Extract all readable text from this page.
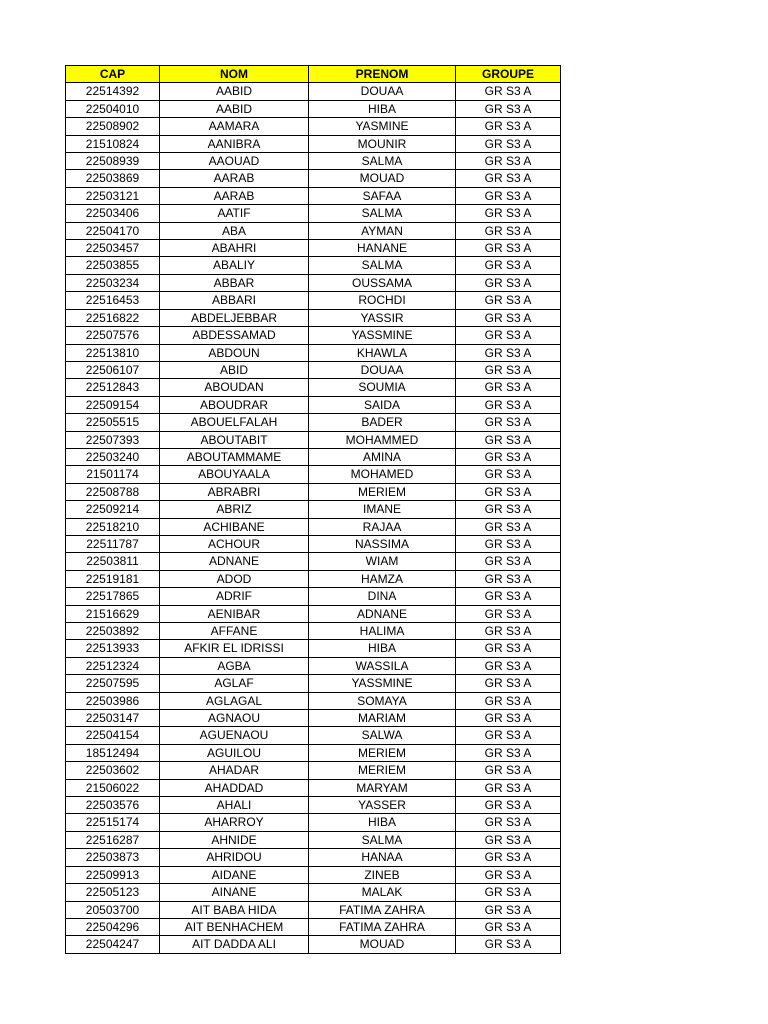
CAP	NOM	PRENOM	GROUPE
22514392	AABID	DOUAA	GR S3 A
22504010	AABID	HIBA	GR S3 A
22508902	AAMARA	YASMINE	GR S3 A
21510824	AANIBRA	MOUNIR	GR S3 A
22508939	AAOUAD	SALMA	GR S3 A
22503869	AARAB	MOUAD	GR S3 A
22503121	AARAB	SAFAA	GR S3 A
22503406	AATIF	SALMA	GR S3 A
22504170	ABA	AYMAN	GR S3 A
22503457	ABAHRI	HANANE	GR S3 A
22503855	ABALIY	SALMA	GR S3 A
22503234	ABBAR	OUSSAMA	GR S3 A
22516453	ABBARI	ROCHDI	GR S3 A
22516822	ABDELJEBBAR	YASSIR	GR S3 A
22507576	ABDESSAMAD	YASSMINE	GR S3 A
22513810	ABDOUN	KHAWLA	GR S3 A
22506107	ABID	DOUAA	GR S3 A
22512843	ABOUDAN	SOUMIA	GR S3 A
22509154	ABOUDRAR	SAIDA	GR S3 A
22505515	ABOUELFALAH	BADER	GR S3 A
22507393	ABOUTABIT	MOHAMMED	GR S3 A
22503240	ABOUTAMMAME	AMINA	GR S3 A
21501174	ABOUYAALA	MOHAMED	GR S3 A
22508788	ABRABRI	MERIEM	GR S3 A
22509214	ABRIZ	IMANE	GR S3 A
22518210	ACHIBANE	RAJAA	GR S3 A
22511787	ACHOUR	NASSIMA	GR S3 A
22503811	ADNANE	WIAM	GR S3 A
22519181	ADOD	HAMZA	GR S3 A
22517865	ADRIF	DINA	GR S3 A
21516629	AENIBAR	ADNANE	GR S3 A
22503892	AFFANE	HALIMA	GR S3 A
22513933	AFKIR EL IDRISSI	HIBA	GR S3 A
22512324	AGBA	WASSILA	GR S3 A
22507595	AGLAF	YASSMINE	GR S3 A
22503986	AGLAGAL	SOMAYA	GR S3 A
22503147	AGNAOU	MARIAM	GR S3 A
22504154	AGUENAOU	SALWA	GR S3 A
18512494	AGUILOU	MERIEM	GR S3 A
22503602	AHADAR	MERIEM	GR S3 A
21506022	AHADDAD	MARYAM	GR S3 A
22503576	AHALI	YASSER	GR S3 A
22515174	AHARROY	HIBA	GR S3 A
22516287	AHNIDE	SALMA	GR S3 A
22503873	AHRIDOU	HANAA	GR S3 A
22509913	AIDANE	ZINEB	GR S3 A
22505123	AINANE	MALAK	GR S3 A
20503700	AIT BABA HIDA	FATIMA ZAHRA	GR S3 A
22504296	AIT BENHACHEM	FATIMA ZAHRA	GR S3 A
22504247	AIT DADDA ALI	MOUAD	GR S3 A
